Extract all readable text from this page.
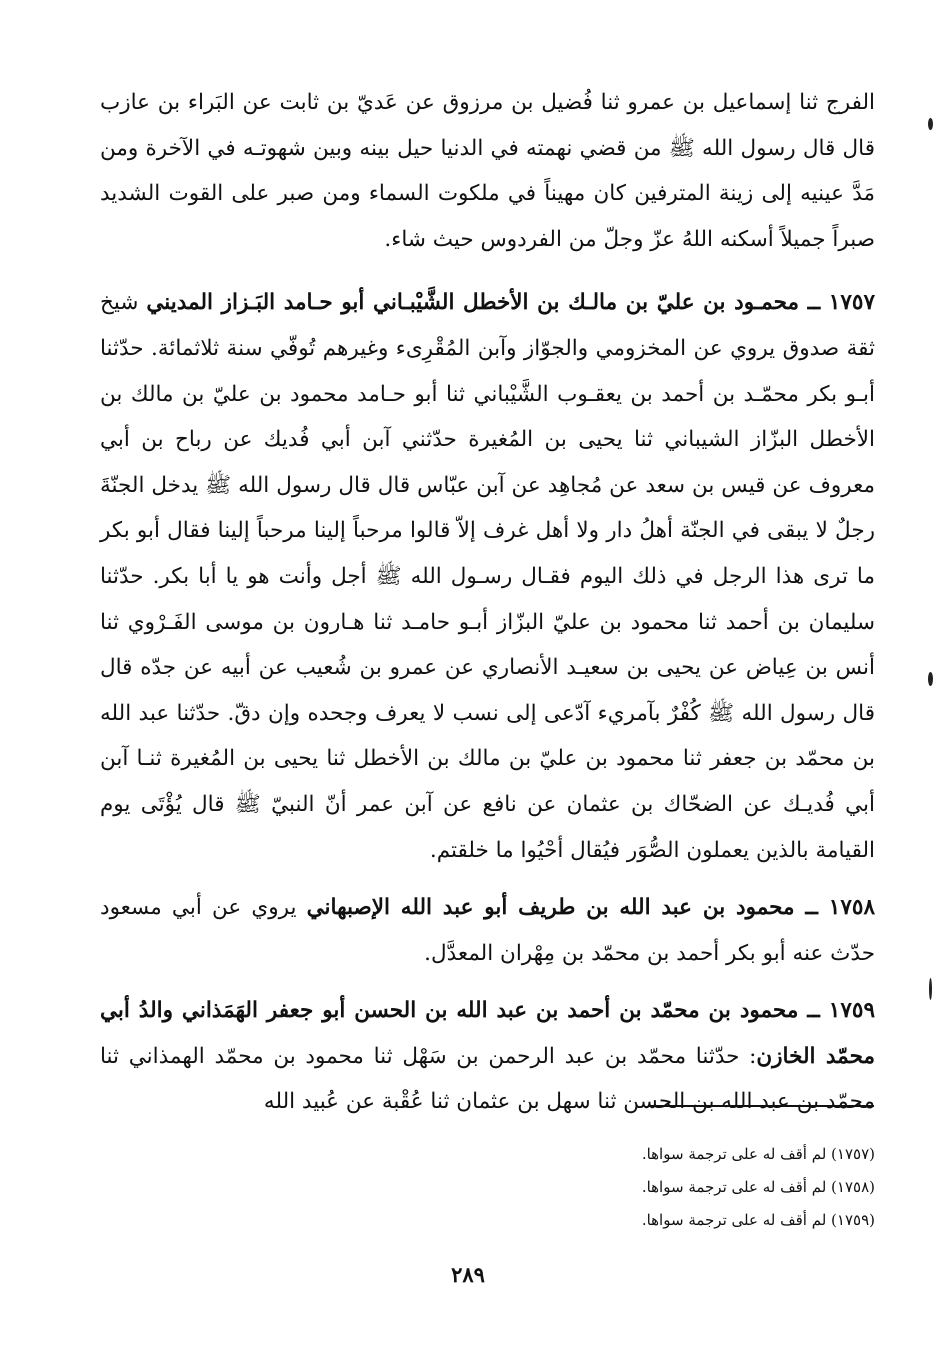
الفرج ثنا إسماعيل بن عمرو ثنا فُضيل بن مرزوق عن عَديّ بن ثابت عن البَراء بن عازب قال قال رسول الله ﷺ من قضي نهمته في الدنيا حيل بينه وبين شهوتـه في الآخرة ومن مَدَّ عينيه إلى زينة المترفين كان مهيناً في ملكوت السماء ومن صبر على القوت الشديد صبراً جميلاً أسكنه اللهُ عزّ وجلّ من الفردوس حيث شاء.

١٧٥٧ ــ محمـود بن عليّ بن مالـك بن الأخطل الشَّيْبـاني أبو حـامد البَـزاز المديني شيخ ثقة صدوق يروي عن المخزومي والجوّاز وآبن المُقْرِىء وغيرهم تُوفّي سنة ثلاثمائة. حدّثنا أبـو بكر محمّـد بن أحمد بن يعقـوب الشَّيْباني ثنا أبو حـامد محمود بن عليّ بن مالك بن الأخطل البزّاز الشيباني ثنا يحيى بن المُغيرة حدّثني آبن أبي فُديك عن رباح بن أبي معروف عن قيس بن سعد عن مُجاهِد عن آبن عبّاس قال قال رسول الله ﷺ يدخل الجنّةَ رجلٌ لا يبقى في الجنّة أهلُ دار ولا أهل غرف إلاّ قالوا مرحباً إلينا مرحباً إلينا فقال أبو بكر ما ترى هذا الرجل في ذلك اليوم فقـال رسـول الله ﷺ أجل وأنت هو يا أبا بكر. حدّثنا سليمان بن أحمد ثنا محمود بن عليّ البزّاز أبـو حامـد ثنا هـارون بن موسى الفَـرْوي ثنا أنس بن عِياض عن يحيى بن سعيـد الأنصاري عن عمرو بن شُعيب عن أبيه عن جدّه قال قال رسول الله ﷺ كُفْرٌ بآمريء آدّعى إلى نسب لا يعرف وجحده وإن دقّ. حدّثنا عبد الله بن محمّد بن جعفر ثنا محمود بن عليّ بن مالك بن الأخطل ثنا يحيى بن المُغيرة ثنـا آبن أبي فُديـك عن الضحّاك بن عثمان عن نافع عن آبن عمر أنّ النبيّ ﷺ قال يُؤْتَى يوم القيامة بالذين يعملون الصُّوَر فيُقال أحْيُوا ما خلقتم.

١٧٥٨ ــ محمود بن عبد الله بن طريف أبو عبد الله الإصبهاني يروي عن أبي مسعود حدّث عنه أبو بكر أحمد بن محمّد بن مِهْران المعدَّل.

١٧٥٩ ــ محمود بن محمّد بن أحمد بن عبد الله بن الحسن أبو جعفر الهَمَذاني والدُ أبي محمّد الخازن: حدّثنا محمّد بن عبد الرحمن بن سَهْل ثنا محمود بن محمّد الهمذاني ثنا محمّد بن عبد الله بن الحسن ثنا سهل بن عثمان ثنا عُقْبة عن عُبيد الله

(١٧٥٧) لم أقف له على ترجمة سواها.

(١٧٥٨) لم أقف له على ترجمة سواها.

(١٧٥٩) لم أقف له على ترجمة سواها.

٢٨٩
